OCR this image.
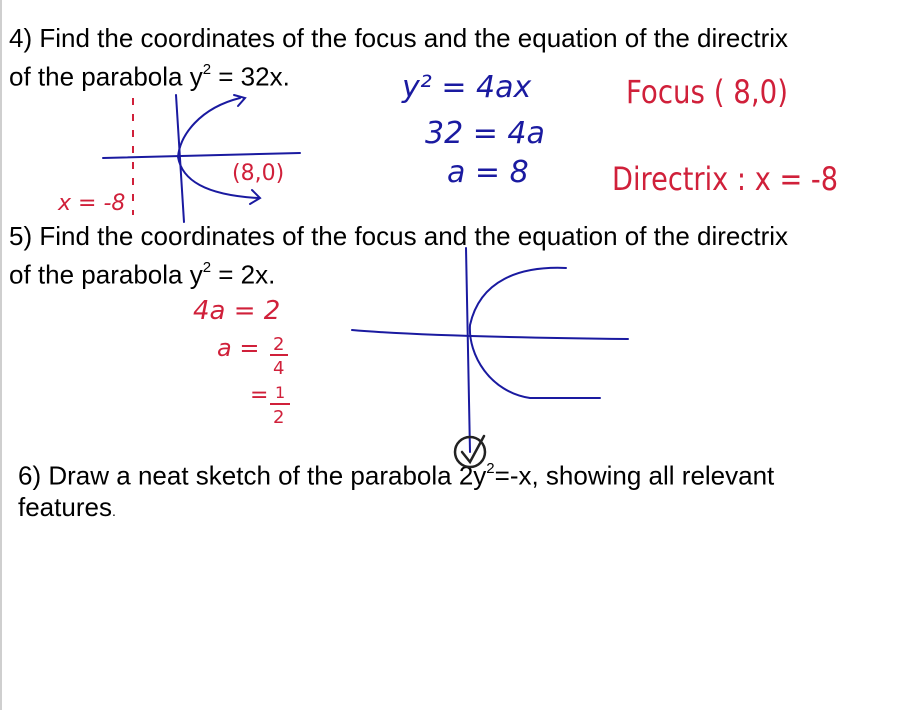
4) Find the coordinates of the focus and the equation of the directrix
of the parabola $y^2 = 32x$.
5) Find the coordinates of the focus and the equation of the directrix
of the parabola $y^2 = 2x$.
6) Draw a neat sketch of the parabola $2y^2=-x$, showing all relevant
features.
x = -8
(8,0)
y² = 4ax
32 = 4a
a = 8
Focus ( 8,0)
Directrix : x = -8
4a = 2
a = 2
4
= 1
2
